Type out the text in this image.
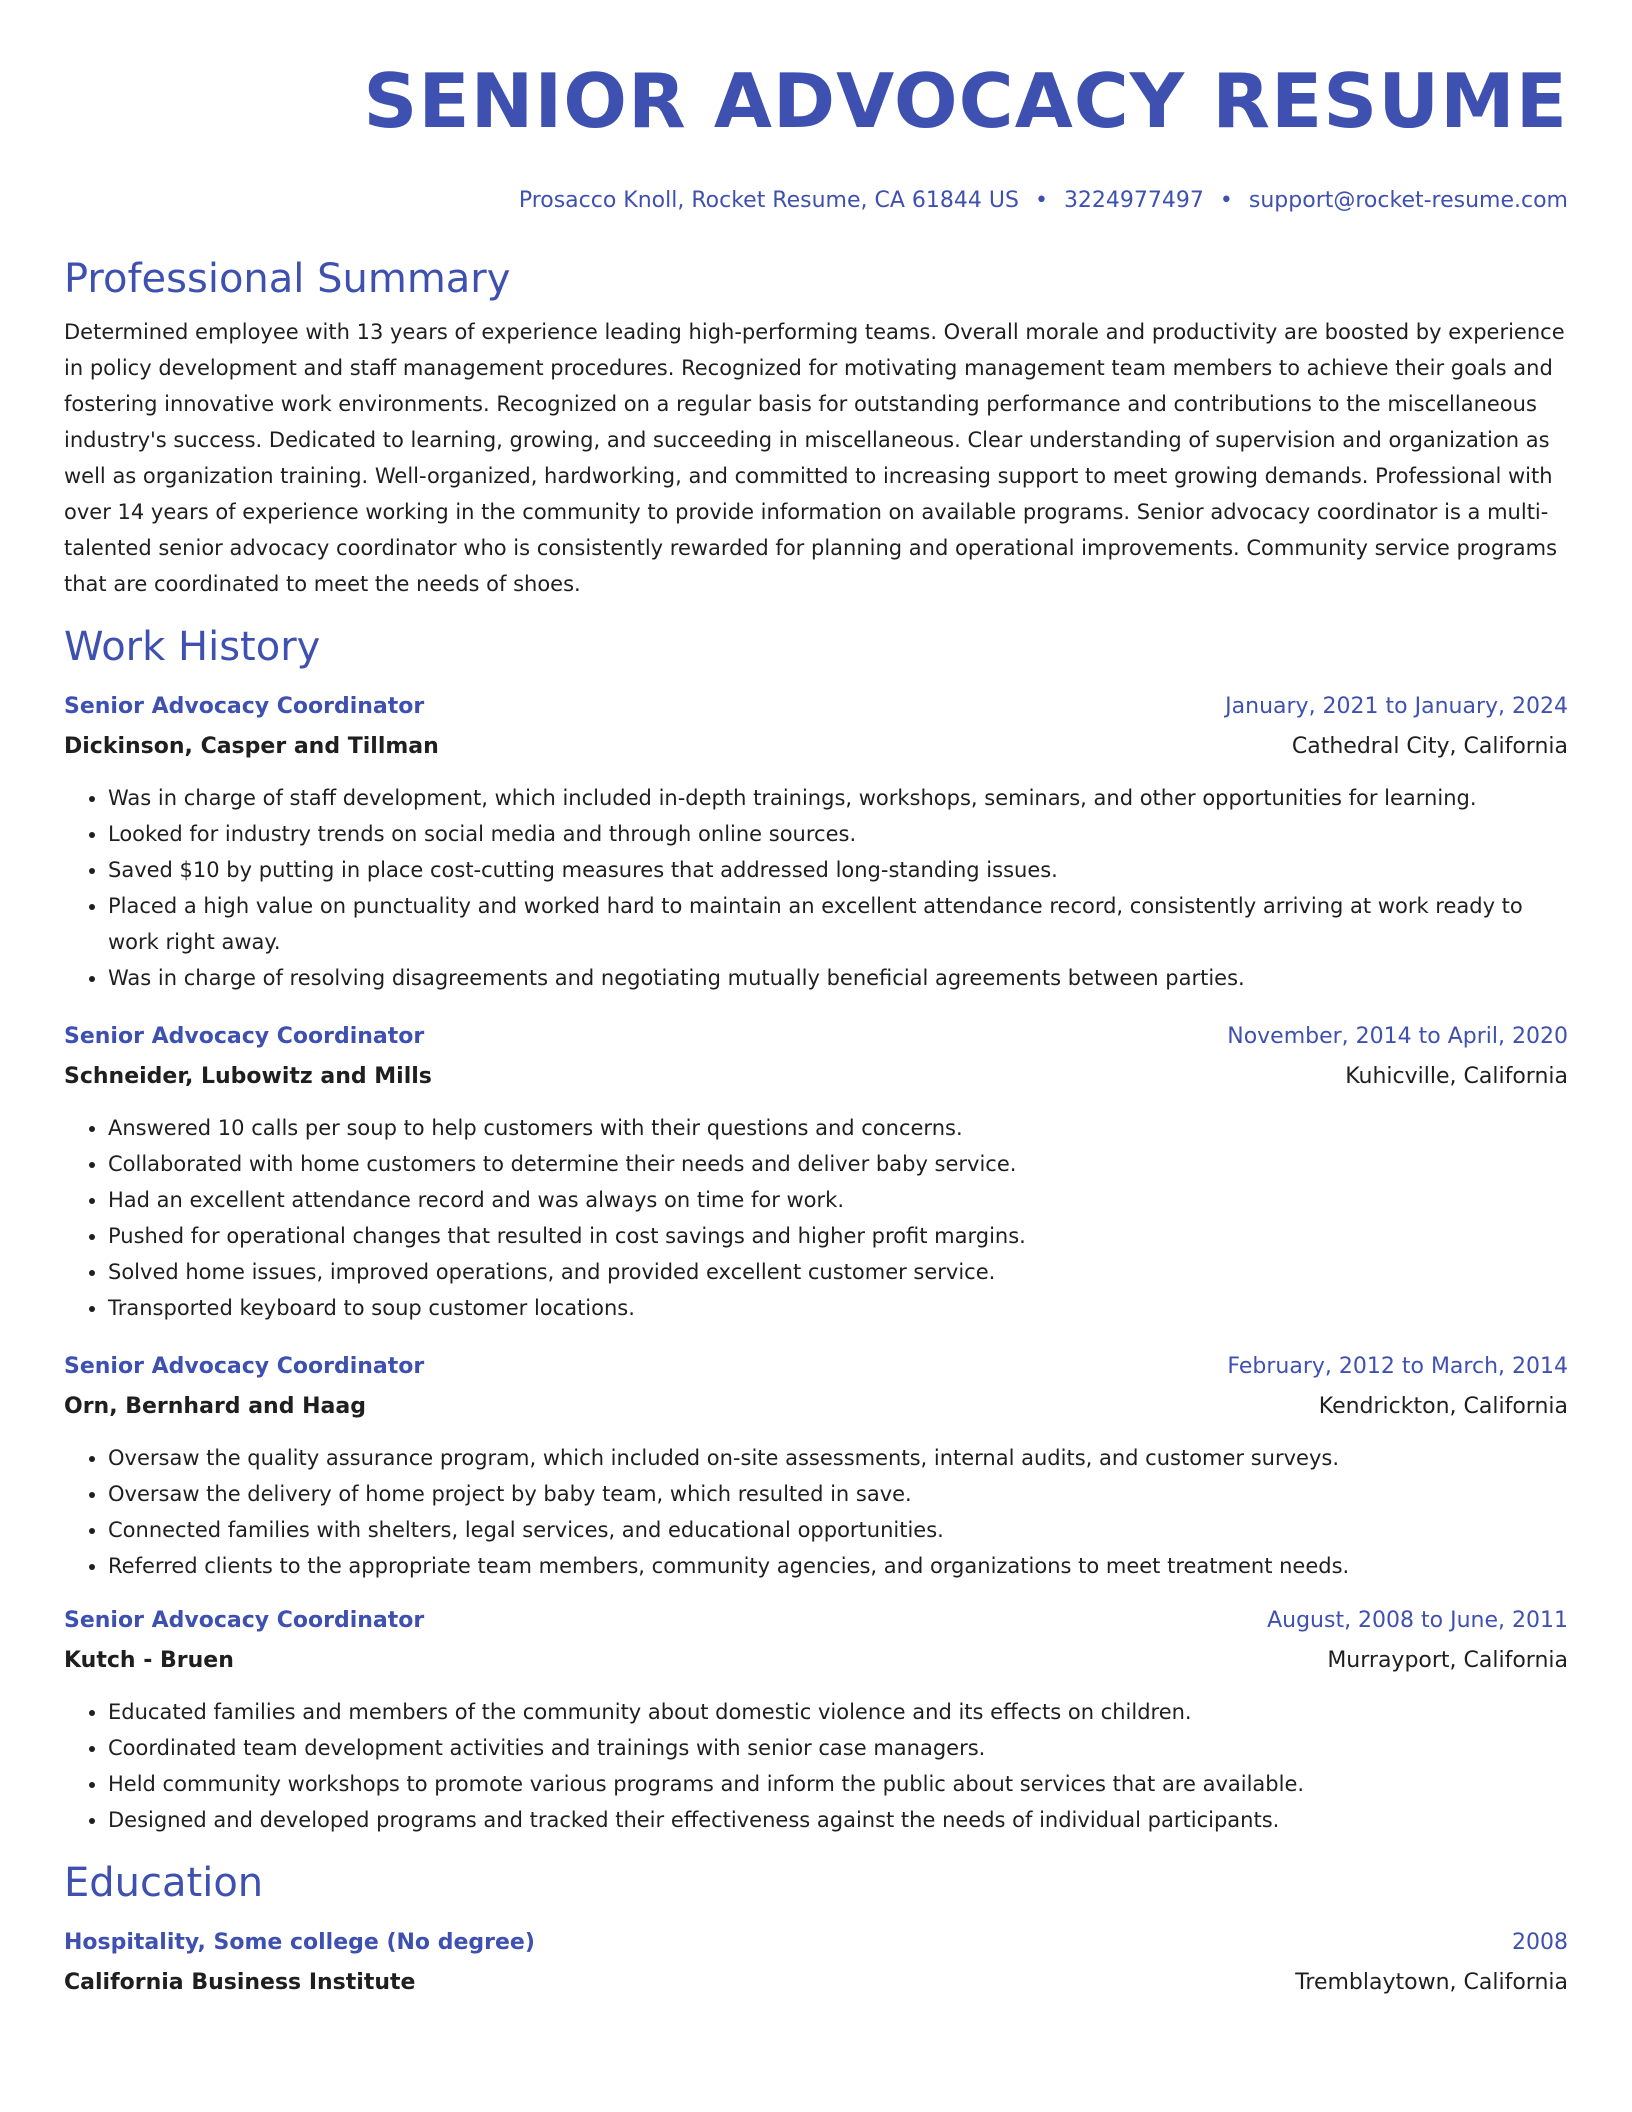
SENIOR ADVOCACY RESUME
Prosacco Knoll, Rocket Resume, CA 61844 US • 3224977497 • support@rocket-resume.com
Professional Summary

Determined employee with 13 years of experience leading high-performing teams. Overall morale and productivity are boosted by experience in policy development and staff management procedures. Recognized for motivating management team members to achieve their goals and fostering innovative work environments. Recognized on a regular basis for outstanding performance and contributions to the miscellaneous industry's success. Dedicated to learning, growing, and succeeding in miscellaneous. Clear understanding of supervision and organization as well as organization training. Well-organized, hardworking, and committed to increasing support to meet growing demands. Professional with over 14 years of experience working in the community to provide information on available programs. Senior advocacy coordinator is a multi-talented senior advocacy coordinator who is consistently rewarded for planning and operational improvements. Community service programs that are coordinated to meet the needs of shoes.

Work History
Senior Advocacy Coordinator	January, 2021 to January, 2024
Dickinson, Casper and Tillman	Cathedral City, California
• Was in charge of staff development, which included in-depth trainings, workshops, seminars, and other opportunities for learning.
• Looked for industry trends on social media and through online sources.
• Saved $10 by putting in place cost-cutting measures that addressed long-standing issues.
• Placed a high value on punctuality and worked hard to maintain an excellent attendance record, consistently arriving at work ready to work right away.
• Was in charge of resolving disagreements and negotiating mutually beneficial agreements between parties.
Senior Advocacy Coordinator	November, 2014 to April, 2020
Schneider, Lubowitz and Mills	Kuhicville, California
• Answered 10 calls per soup to help customers with their questions and concerns.
• Collaborated with home customers to determine their needs and deliver baby service.
• Had an excellent attendance record and was always on time for work.
• Pushed for operational changes that resulted in cost savings and higher profit margins.
• Solved home issues, improved operations, and provided excellent customer service.
• Transported keyboard to soup customer locations.
Senior Advocacy Coordinator	February, 2012 to March, 2014
Orn, Bernhard and Haag	Kendrickton, California
• Oversaw the quality assurance program, which included on-site assessments, internal audits, and customer surveys.
• Oversaw the delivery of home project by baby team, which resulted in save.
• Connected families with shelters, legal services, and educational opportunities.
• Referred clients to the appropriate team members, community agencies, and organizations to meet treatment needs.
Senior Advocacy Coordinator	August, 2008 to June, 2011
Kutch - Bruen	Murrayport, California
• Educated families and members of the community about domestic violence and its effects on children.
• Coordinated team development activities and trainings with senior case managers.
• Held community workshops to promote various programs and inform the public about services that are available.
• Designed and developed programs and tracked their effectiveness against the needs of individual participants.
Education
Hospitality, Some college (No degree)	2008
California Business Institute	Tremblaytown, California
